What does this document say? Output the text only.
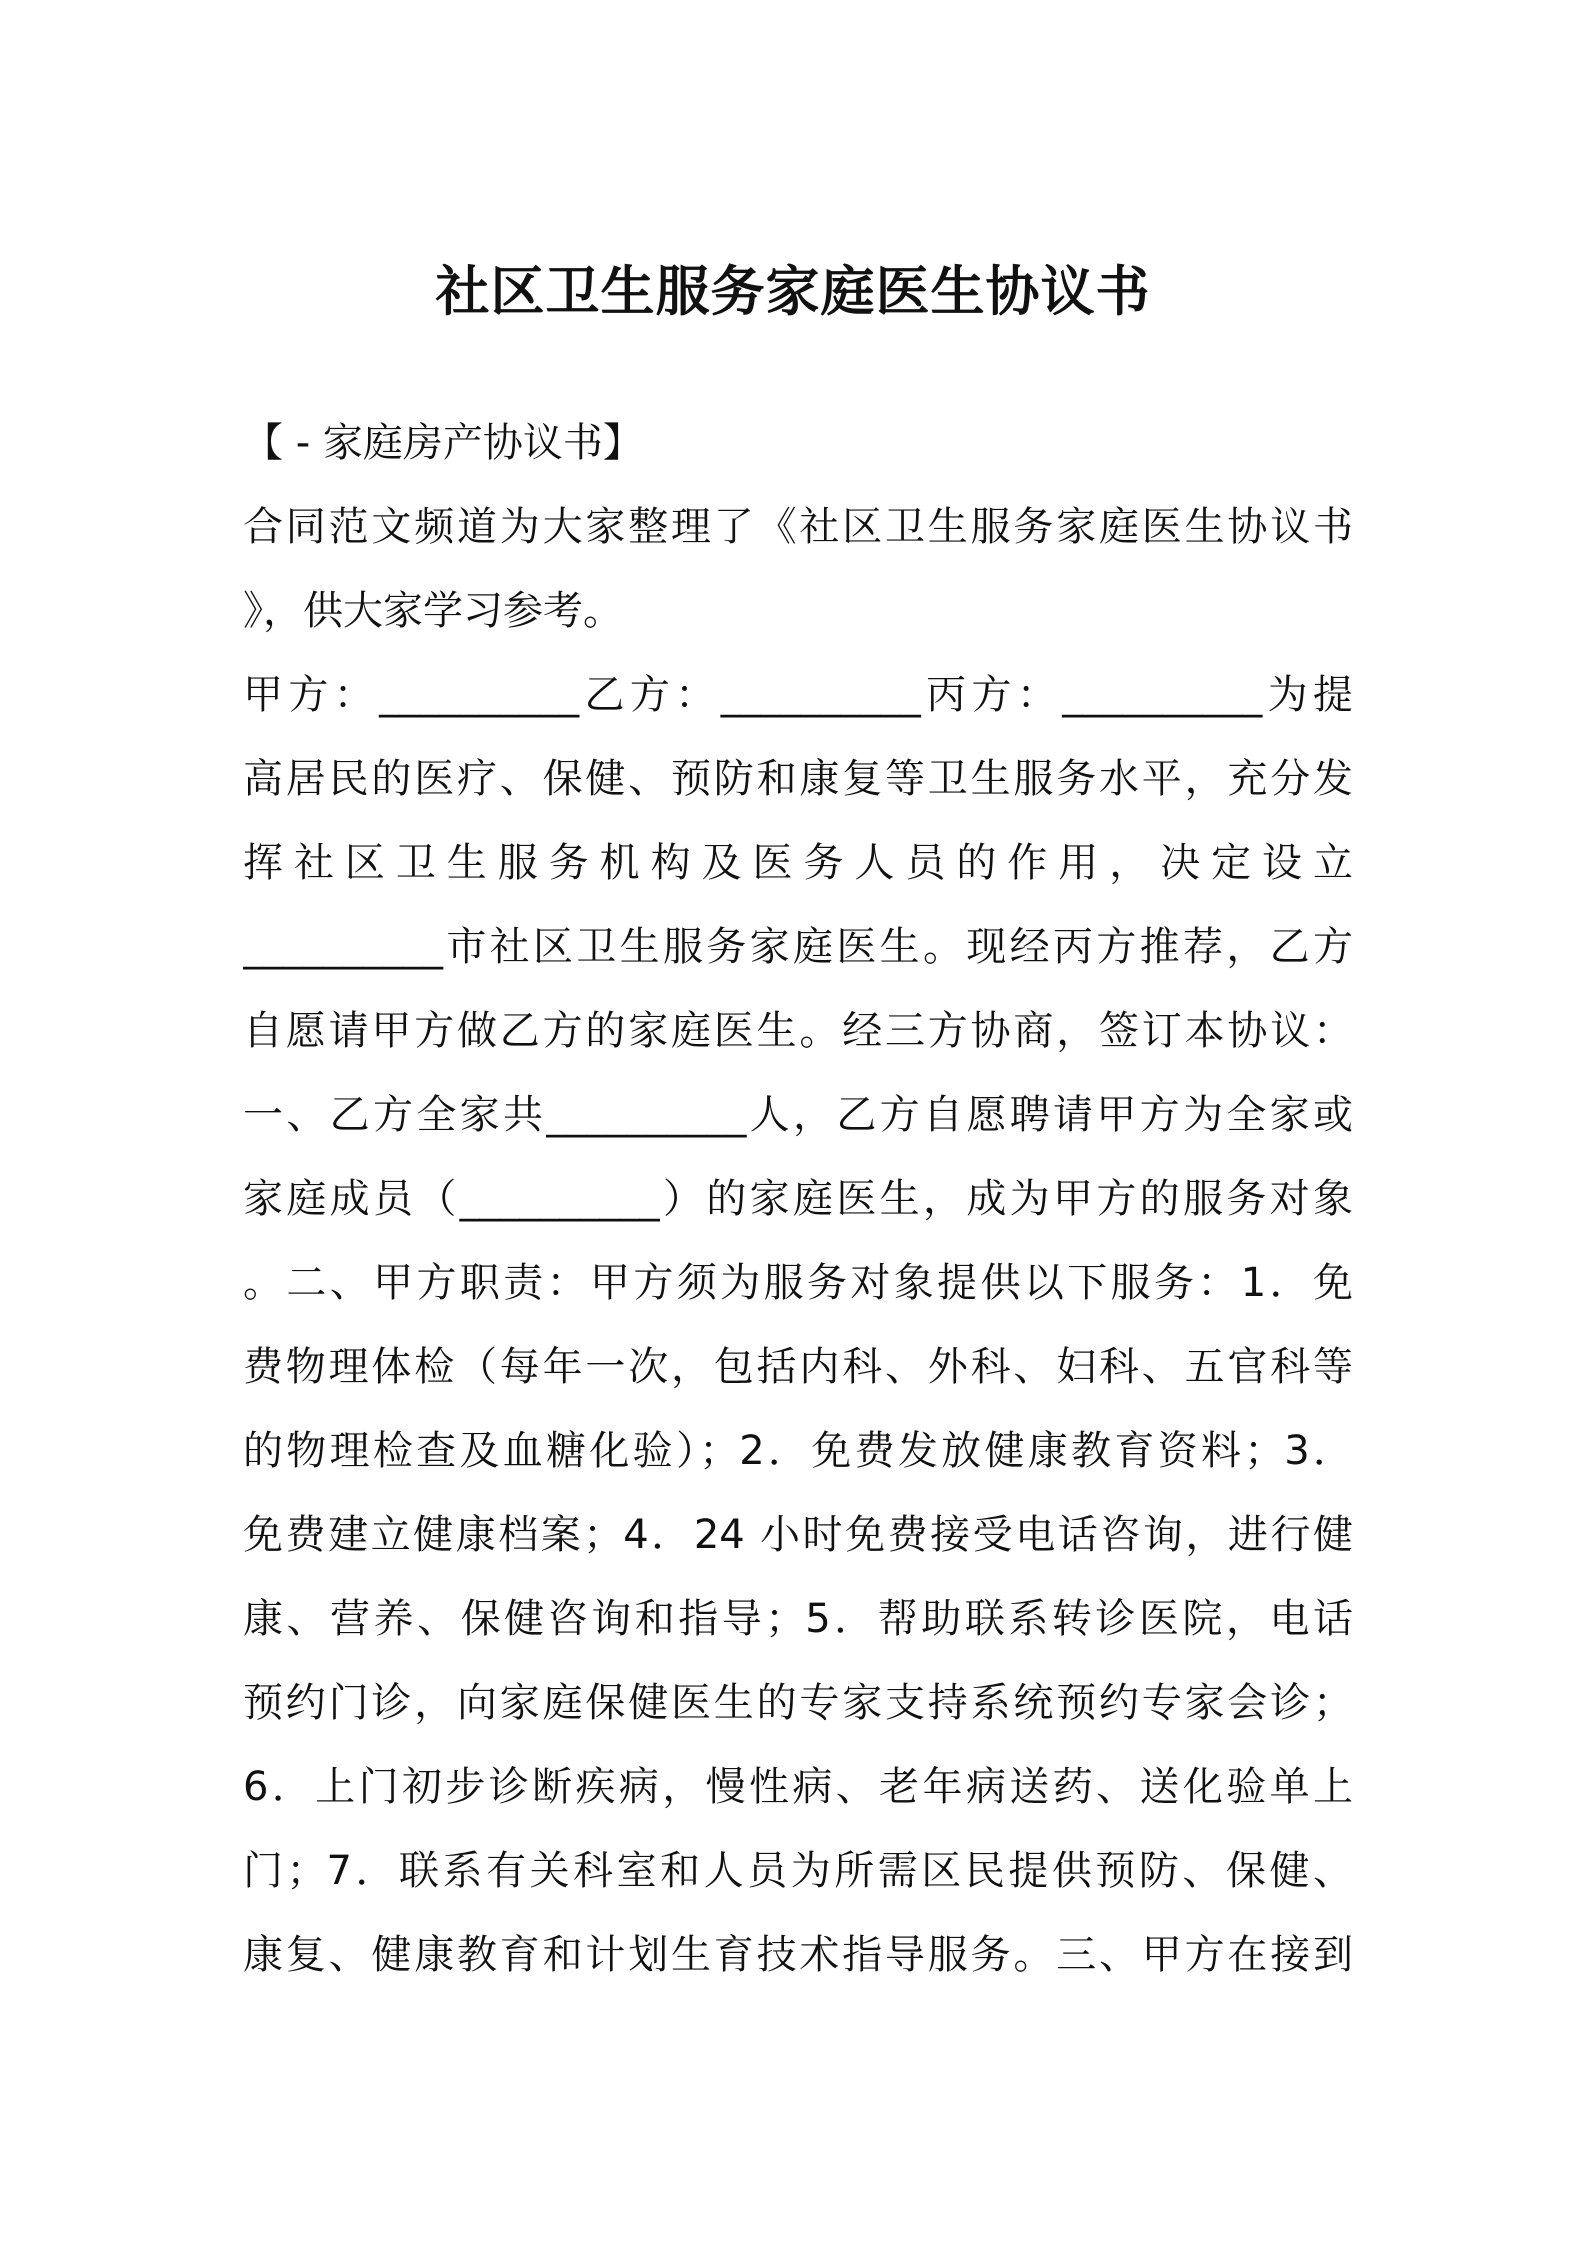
社区卫生服务家庭医生协议书
【 - 家庭房产协议书】
合同范文频道为大家整理了《社区卫生服务家庭医生协议书
》，供大家学习参考。
甲方：__________乙方：__________丙方：__________为提
高居民的医疗、保健、预防和康复等卫生服务水平，充分发
挥社区卫生服务机构及医务人员的作用，决定设立
__________市社区卫生服务家庭医生。现经丙方推荐，乙方
自愿请甲方做乙方的家庭医生。经三方协商，签订本协议：
一、乙方全家共__________人，乙方自愿聘请甲方为全家或
家庭成员（__________）的家庭医生，成为甲方的服务对象
。二、甲方职责：甲方须为服务对象提供以下服务：1．免
费物理体检（每年一次，包括内科、外科、妇科、五官科等
的物理检查及血糖化验）；2．免费发放健康教育资料；3．
免费建立健康档案；4．24 小时免费接受电话咨询，进行健
康、营养、保健咨询和指导；5．帮助联系转诊医院，电话
预约门诊，向家庭保健医生的专家支持系统预约专家会诊；
6．上门初步诊断疾病，慢性病、老年病送药、送化验单上
门；7．联系有关科室和人员为所需区民提供预防、保健、
康复、健康教育和计划生育技术指导服务。三、甲方在接到
